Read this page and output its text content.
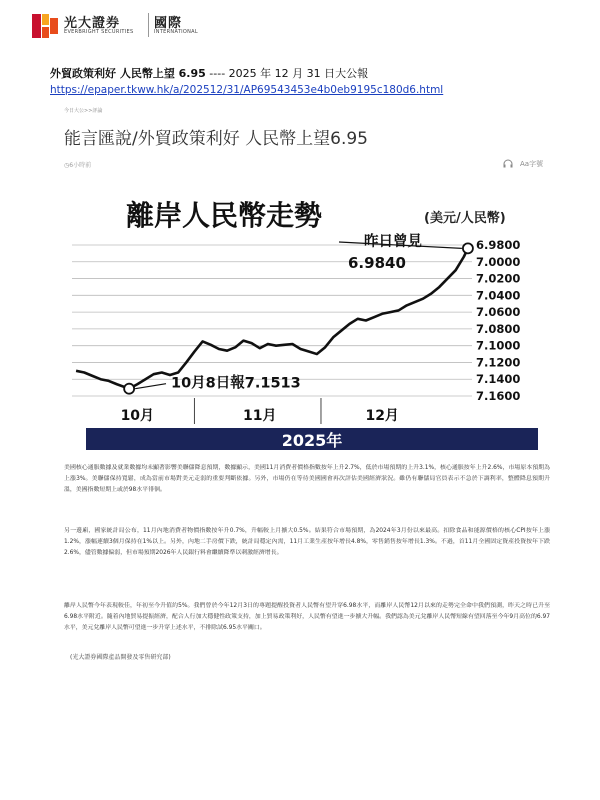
光大證券
EVERBRIGHT SECURITIES
國際
INTERNATIONAL
外貿政策利好 人民幣上望 6.95 ---- 2025 年 12 月 31 日大公報
https://epaper.tkww.hk/a/202512/31/AP69543453e4b0eb9195c180d6.html
今日大公>>評論
能言匯說/外貿政策利好 人民幣上望6.95
◷6小時前	Aa字號
離岸人民幣走勢	(美元/人民幣)
6.9800
7.0000
7.0200
7.0400
7.0600
7.0800
7.1000
7.1200
7.1400
7.1600
10月	11月	12月
昨日曾見
6.9840
10月8日報7.1513
2025年
美國核心通脹數據及就業數據均未顯著影響美聯儲降息預期，數據顯示，美國11月消費者價格指數按年上升2.7%，低於市場預期的上升3.1%，核心通脹按年上升2.6%，市場原本預期為上漲3%。美聯儲保持寬鬆，成為當前市場對美元走弱的重要判斷依據。另外，市場仍在等待美國國會再次評估美國經濟狀況。雖仍有聯儲局官員表示不急於下調利率，整體降息預期升溫，美國指數短期上或於98水平徘徊。
另一邊廂，國家統計局公布，11月內地消費者物價指數按年升0.7%，升幅較上月擴大0.5%。結果符合市場預期，為2024年3月份以來最高。扣除食品和能源價格的核心CPI按年上漲1.2%，漲幅連續3個月保持在1%以上。另外，內地二手房價下跌，統計局穩定內需，11月工業生產按年增長4.8%，零售銷售按年增長1.3%。不過，首11月全國固定資產投資按年下跌2.6%，儘管數據偏弱，但市場預期2026年人民銀行料會繼續降準以刺激經濟增長。
離岸人民幣今年表現較佳，年初至今升值約5%。我們曾於今年12月3日的專題提醒投資者人民幣有望升穿6.98水平，而離岸人民幣12月以來的走勢完全命中我們預測，昨天之時已升至6.98水平附近。隨着內地貿易提振經濟，配合人行加大穩健性政策支持，加上貿易政策利好，人民幣有望進一步擴大升幅。我們認為美元兌離岸人民幣短線有望回落至今年9月高位的6.97水平，美元兌離岸人民幣可望進一步升穿上述水平，不排除試6.95水平關口。
(光大證券國際產品開發及零售研究部)
